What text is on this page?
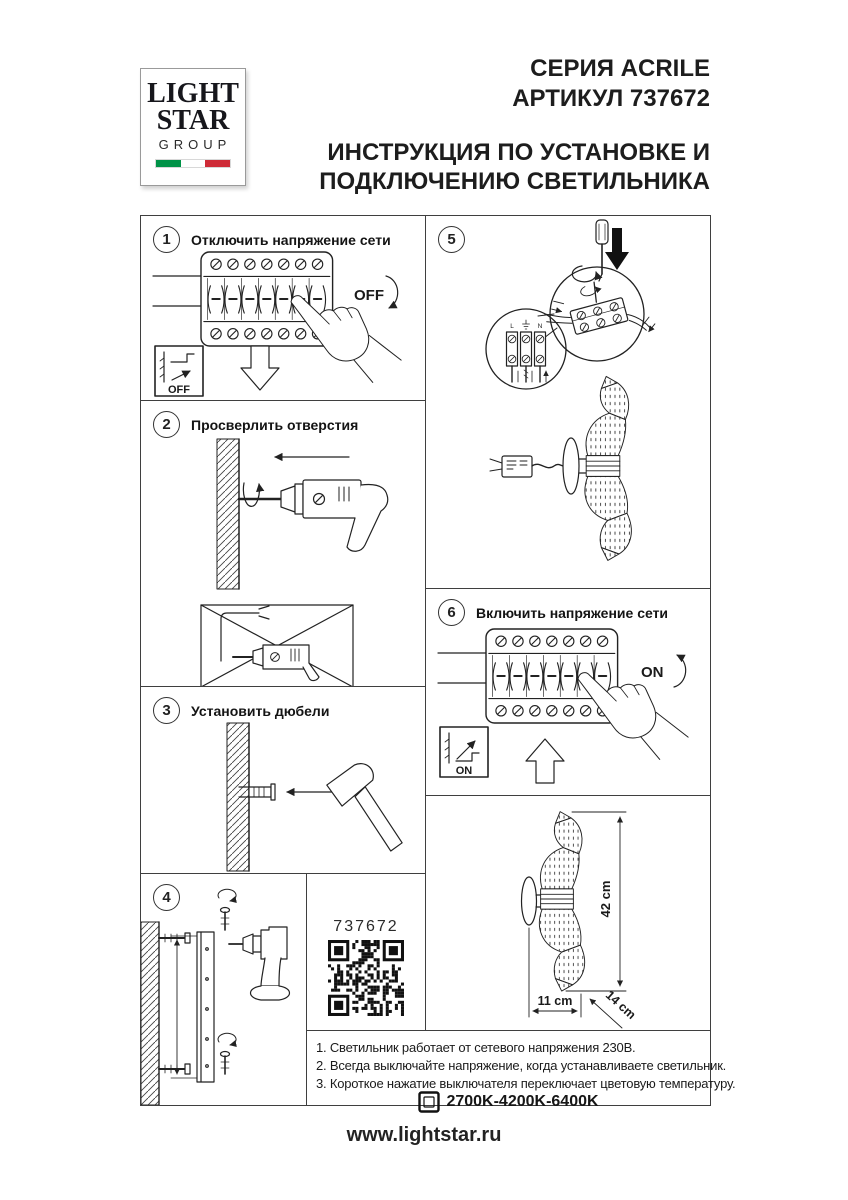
LIGHT
STAR
GROUP
СЕРИЯ ACRILE
АРТИКУЛ 737672
ИНСТРУКЦИЯ ПО УСТАНОВКЕ И
ПОДКЛЮЧЕНИЮ СВЕТИЛЬНИКА
1	Отключить напряжение сети
OFF
OFF
2	Просверлить отверстия
3	Установить дюбели
4
737672
5
L	N
6	Включить напряжение сети
ON
ON
42 cm
11 cm 14 cm
1. Светильник работает от сетевого напряжения 230В.
2. Всегда выключайте напряжение, когда устанавливаете светильник.
3. Короткое нажатие выключателя переключает цветовую температуру.
2700K-4200K-6400K
www.lightstar.ru
